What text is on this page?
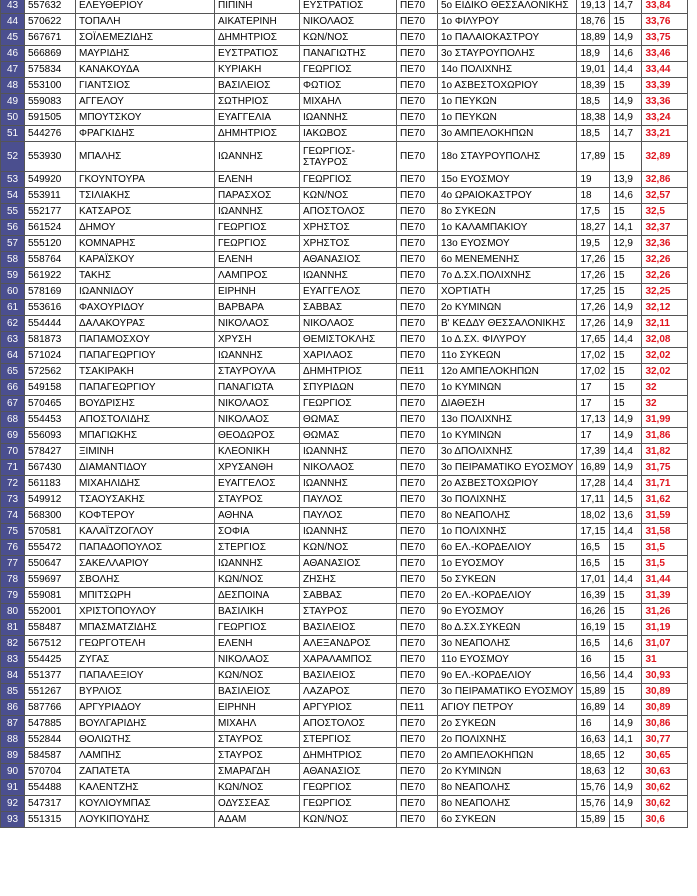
43	557632	ΕΛΕΥΘΕΡΙΟΥ	ΠΙΠΙΝΗ	ΕΥΣΤΡΑΤΙΟΣ	ΠΕ70	5ο ΕΙΔΙΚΟ ΘΕΣΣΑΛΟΝΙΚΗΣ	19,13	14,7	33,84
44	570622	ΤΟΠΑΛΗ	ΑΙΚΑΤΕΡΙΝΗ	ΝΙΚΟΛΑΟΣ	ΠΕ70	1ο ΦΙΛΥΡΟΥ	18,76	15	33,76
45	567671	ΣΟΪΛΕΜΕΖΙΔΗΣ	ΔΗΜΗΤΡΙΟΣ	ΚΩΝ/ΝΟΣ	ΠΕ70	1ο ΠΑΛΑΙΟΚΑΣΤΡΟΥ	18,89	14,9	33,75
46	566869	ΜΑΥΡΙΔΗΣ	ΕΥΣΤΡΑΤΙΟΣ	ΠΑΝΑΓΙΩΤΗΣ	ΠΕ70	3ο ΣΤΑΥΡΟΥΠΟΛΗΣ	18,9	14,6	33,46
47	575834	ΚΑΝΑΚΟΥΔΑ	ΚΥΡΙΑΚΗ	ΓΕΩΡΓΙΟΣ	ΠΕ70	14ο ΠΟΛΙΧΝΗΣ	19,01	14,4	33,44
48	553100	ΓΙΑΝΤΣΙΟΣ	ΒΑΣΙΛΕΙΟΣ	ΦΩΤΙΟΣ	ΠΕ70	1ο ΑΣΒΕΣΤΟΧΩΡΙΟΥ	18,39	15	33,39
49	559083	ΑΓΓΕΛΟΥ	ΣΩΤΗΡΙΟΣ	ΜΙΧΑΗΛ	ΠΕ70	1ο ΠΕΥΚΩΝ	18,5	14,9	33,36
50	591505	ΜΠΟΥΤΣΚΟΥ	ΕΥΑΓΓΕΛΙΑ	ΙΩΑΝΝΗΣ	ΠΕ70	1ο ΠΕΥΚΩΝ	18,38	14,9	33,24
51	544276	ΦΡΑΓΚΙΔΗΣ	ΔΗΜΗΤΡΙΟΣ	ΙΑΚΩΒΟΣ	ΠΕ70	3ο ΑΜΠΕΛΟΚΗΠΩΝ	18,5	14,7	33,21
52	553930	ΜΠΑΛΗΣ	ΙΩΑΝΝΗΣ	ΓΕΩΡΓΙΟΣ-ΣΤΑΥΡΟΣ	ΠΕ70	18ο ΣΤΑΥΡΟΥΠΟΛΗΣ	17,89	15	32,89
53	549920	ΓΚΟΥΝΤΟΥΡΑ	ΕΛΕΝΗ	ΓΕΩΡΓΙΟΣ	ΠΕ70	15ο ΕΥΟΣΜΟΥ	19	13,9	32,86
54	553911	ΤΣΙΛΙΑΚΗΣ	ΠΑΡΑΣΧΟΣ	ΚΩΝ/ΝΟΣ	ΠΕ70	4ο ΩΡΑΙΟΚΑΣΤΡΟΥ	18	14,6	32,57
55	552177	ΚΑΤΣΑΡΟΣ	ΙΩΑΝΝΗΣ	ΑΠΟΣΤΟΛΟΣ	ΠΕ70	8ο ΣΥΚΕΩΝ	17,5	15	32,5
56	561524	ΔΗΜΟΥ	ΓΕΩΡΓΙΟΣ	ΧΡΗΣΤΟΣ	ΠΕ70	1ο ΚΑΛΑΜΠΑΚΙΟΥ	18,27	14,1	32,37
57	555120	ΚΟΜΝΑΡΗΣ	ΓΕΩΡΓΙΟΣ	ΧΡΗΣΤΟΣ	ΠΕ70	13ο ΕΥΟΣΜΟΥ	19,5	12,9	32,36
58	558764	ΚΑΡΑΪΣΚΟΥ	ΕΛΕΝΗ	ΑΘΑΝΑΣΙΟΣ	ΠΕ70	6ο ΜΕΝΕΜΕΝΗΣ	17,26	15	32,26
59	561922	ΤΑΚΗΣ	ΛΑΜΠΡΟΣ	ΙΩΑΝΝΗΣ	ΠΕ70	7ο Δ.ΣΧ.ΠΟΛΙΧΝΗΣ	17,26	15	32,26
60	578169	ΙΩΑΝΝΙΔΟΥ	ΕΙΡΗΝΗ	ΕΥΑΓΓΕΛΟΣ	ΠΕ70	ΧΟΡΤΙΑΤΗ	17,25	15	32,25
61	553616	ΦΑΧΟΥΡΙΔΟΥ	ΒΑΡΒΑΡΑ	ΣΑΒΒΑΣ	ΠΕ70	2ο ΚΥΜΙΝΩΝ	17,26	14,9	32,12
62	554444	ΔΑΛΑΚΟΥΡΑΣ	ΝΙΚΟΛΑΟΣ	ΝΙΚΟΛΑΟΣ	ΠΕ70	Β' ΚΕΔΔΥ ΘΕΣΣΑΛΟΝΙΚΗΣ	17,26	14,9	32,11
63	581873	ΠΑΠΑΜΟΣΧΟΥ	ΧΡΥΣΗ	ΘΕΜΙΣΤΟΚΛΗΣ	ΠΕ70	1ο Δ.ΣΧ. ΦΙΛΥΡΟΥ	17,65	14,4	32,08
64	571024	ΠΑΠΑΓΕΩΡΓΙΟΥ	ΙΩΑΝΝΗΣ	ΧΑΡΙΛΑΟΣ	ΠΕ70	11ο ΣΥΚΕΩΝ	17,02	15	32,02
65	572562	ΤΣΑΚΙΡΑΚΗ	ΣΤΑΥΡΟΥΛΑ	ΔΗΜΗΤΡΙΟΣ	ΠΕ11	12ο ΑΜΠΕΛΟΚΗΠΩΝ	17,02	15	32,02
66	549158	ΠΑΠΑΓΕΩΡΓΙΟΥ	ΠΑΝΑΓΙΩΤΑ	ΣΠΥΡΙΔΩΝ	ΠΕ70	1ο ΚΥΜΙΝΩΝ	17	15	32
67	570465	ΒΟΥΔΡΙΣΗΣ	ΝΙΚΟΛΑΟΣ	ΓΕΩΡΓΙΟΣ	ΠΕ70	ΔΙΑΘΕΣΗ	17	15	32
68	554453	ΑΠΟΣΤΟΛΙΔΗΣ	ΝΙΚΟΛΑΟΣ	ΘΩΜΑΣ	ΠΕ70	13ο ΠΟΛΙΧΝΗΣ	17,13	14,9	31,99
69	556093	ΜΠΑΓΙΩΚΗΣ	ΘΕΟΔΩΡΟΣ	ΘΩΜΑΣ	ΠΕ70	1ο ΚΥΜΙΝΩΝ	17	14,9	31,86
70	578427	ΞΙΜΙΝΗ	ΚΛΕΟΝΙΚΗ	ΙΩΑΝΝΗΣ	ΠΕ70	3ο ΔΠΟΛΙΧΝΗΣ	17,39	14,4	31,82
71	567430	ΔΙΑΜΑΝΤΙΔΟΥ	ΧΡΥΣΑΝΘΗ	ΝΙΚΟΛΑΟΣ	ΠΕ70	3ο ΠΕΙΡΑΜΑΤΙΚΟ ΕΥΟΣΜΟΥ	16,89	14,9	31,75
72	561183	ΜΙΧΑΗΛΙΔΗΣ	ΕΥΑΓΓΕΛΟΣ	ΙΩΑΝΝΗΣ	ΠΕ70	2ο ΑΣΒΕΣΤΟΧΩΡΙΟΥ	17,28	14,4	31,71
73	549912	ΤΣΑΟΥΣΑΚΗΣ	ΣΤΑΥΡΟΣ	ΠΑΥΛΟΣ	ΠΕ70	3ο ΠΟΛΙΧΝΗΣ	17,11	14,5	31,62
74	568300	ΚΟΦΤΕΡΟΥ	ΑΘΗΝΑ	ΠΑΥΛΟΣ	ΠΕ70	8ο ΝΕΑΠΟΛΗΣ	18,02	13,6	31,59
75	570581	ΚΑΛΑΪΤΖΟΓΛΟΥ	ΣΟΦΙΑ	ΙΩΑΝΝΗΣ	ΠΕ70	1ο ΠΟΛΙΧΝΗΣ	17,15	14,4	31,58
76	555472	ΠΑΠΑΔΟΠΟΥΛΟΣ	ΣΤΕΡΓΙΟΣ	ΚΩΝ/ΝΟΣ	ΠΕ70	6ο ΕΛ.-ΚΟΡΔΕΛΙΟΥ	16,5	15	31,5
77	550647	ΣΑΚΕΛΛΑΡΙΟΥ	ΙΩΑΝΝΗΣ	ΑΘΑΝΑΣΙΟΣ	ΠΕ70	1ο ΕΥΟΣΜΟΥ	16,5	15	31,5
78	559697	ΣΒΟΛΗΣ	ΚΩΝ/ΝΟΣ	ΖΗΣΗΣ	ΠΕ70	5ο ΣΥΚΕΩΝ	17,01	14,4	31,44
79	559081	ΜΠΙΤΣΩΡΗ	ΔΕΣΠΟΙΝΑ	ΣΑΒΒΑΣ	ΠΕ70	2ο ΕΛ.-ΚΟΡΔΕΛΙΟΥ	16,39	15	31,39
80	552001	ΧΡΙΣΤΟΠΟΥΛΟΥ	ΒΑΣΙΛΙΚΗ	ΣΤΑΥΡΟΣ	ΠΕ70	9ο ΕΥΟΣΜΟΥ	16,26	15	31,26
81	558487	ΜΠΑΣΜΑΤΖΙΔΗΣ	ΓΕΩΡΓΙΟΣ	ΒΑΣΙΛΕΙΟΣ	ΠΕ70	8ο Δ.ΣΧ.ΣΥΚΕΩΝ	16,19	15	31,19
82	567512	ΓΕΩΡΓΟΤΕΛΗ	ΕΛΕΝΗ	ΑΛΕΞΑΝΔΡΟΣ	ΠΕ70	3ο ΝΕΑΠΟΛΗΣ	16,5	14,6	31,07
83	554425	ΖΥΓΑΣ	ΝΙΚΟΛΑΟΣ	ΧΑΡΑΛΑΜΠΟΣ	ΠΕ70	11ο ΕΥΟΣΜΟΥ	16	15	31
84	551377	ΠΑΠΑΛΕΞΙΟΥ	ΚΩΝ/ΝΟΣ	ΒΑΣΙΛΕΙΟΣ	ΠΕ70	9ο ΕΛ.-ΚΟΡΔΕΛΙΟΥ	16,56	14,4	30,93
85	551267	ΒΥΡΛΙΟΣ	ΒΑΣΙΛΕΙΟΣ	ΛΑΖΑΡΟΣ	ΠΕ70	3ο ΠΕΙΡΑΜΑΤΙΚΟ ΕΥΟΣΜΟΥ	15,89	15	30,89
86	587766	ΑΡΓΥΡΙΑΔΟΥ	ΕΙΡΗΝΗ	ΑΡΓΥΡΙΟΣ	ΠΕ11	ΑΓΙΟΥ ΠΕΤΡΟΥ	16,89	14	30,89
87	547885	ΒΟΥΛΓΑΡΙΔΗΣ	ΜΙΧΑΗΛ	ΑΠΟΣΤΟΛΟΣ	ΠΕ70	2ο ΣΥΚΕΩΝ	16	14,9	30,86
88	552844	ΘΟΛΙΩΤΗΣ	ΣΤΑΥΡΟΣ	ΣΤΕΡΓΙΟΣ	ΠΕ70	2ο ΠΟΛΙΧΝΗΣ	16,63	14,1	30,77
89	584587	ΛΑΜΠΗΣ	ΣΤΑΥΡΟΣ	ΔΗΜΗΤΡΙΟΣ	ΠΕ70	2ο ΑΜΠΕΛΟΚΗΠΩΝ	18,65	12	30,65
90	570704	ΖΑΠΑΤΕΤΑ	ΣΜΑΡΑΓΔΗ	ΑΘΑΝΑΣΙΟΣ	ΠΕ70	2ο ΚΥΜΙΝΩΝ	18,63	12	30,63
91	554488	ΚΑΛΕΝΤΖΗΣ	ΚΩΝ/ΝΟΣ	ΓΕΩΡΓΙΟΣ	ΠΕ70	8ο ΝΕΑΠΟΛΗΣ	15,76	14,9	30,62
92	547317	ΚΟΥΛΙΟΥΜΠΑΣ	ΟΔΥΣΣΕΑΣ	ΓΕΩΡΓΙΟΣ	ΠΕ70	8ο ΝΕΑΠΟΛΗΣ	15,76	14,9	30,62
93	551315	ΛΟΥΚΙΠΟΥΔΗΣ	ΑΔΑΜ	ΚΩΝ/ΝΟΣ	ΠΕ70	6ο ΣΥΚΕΩΝ	15,89	15	30,6
